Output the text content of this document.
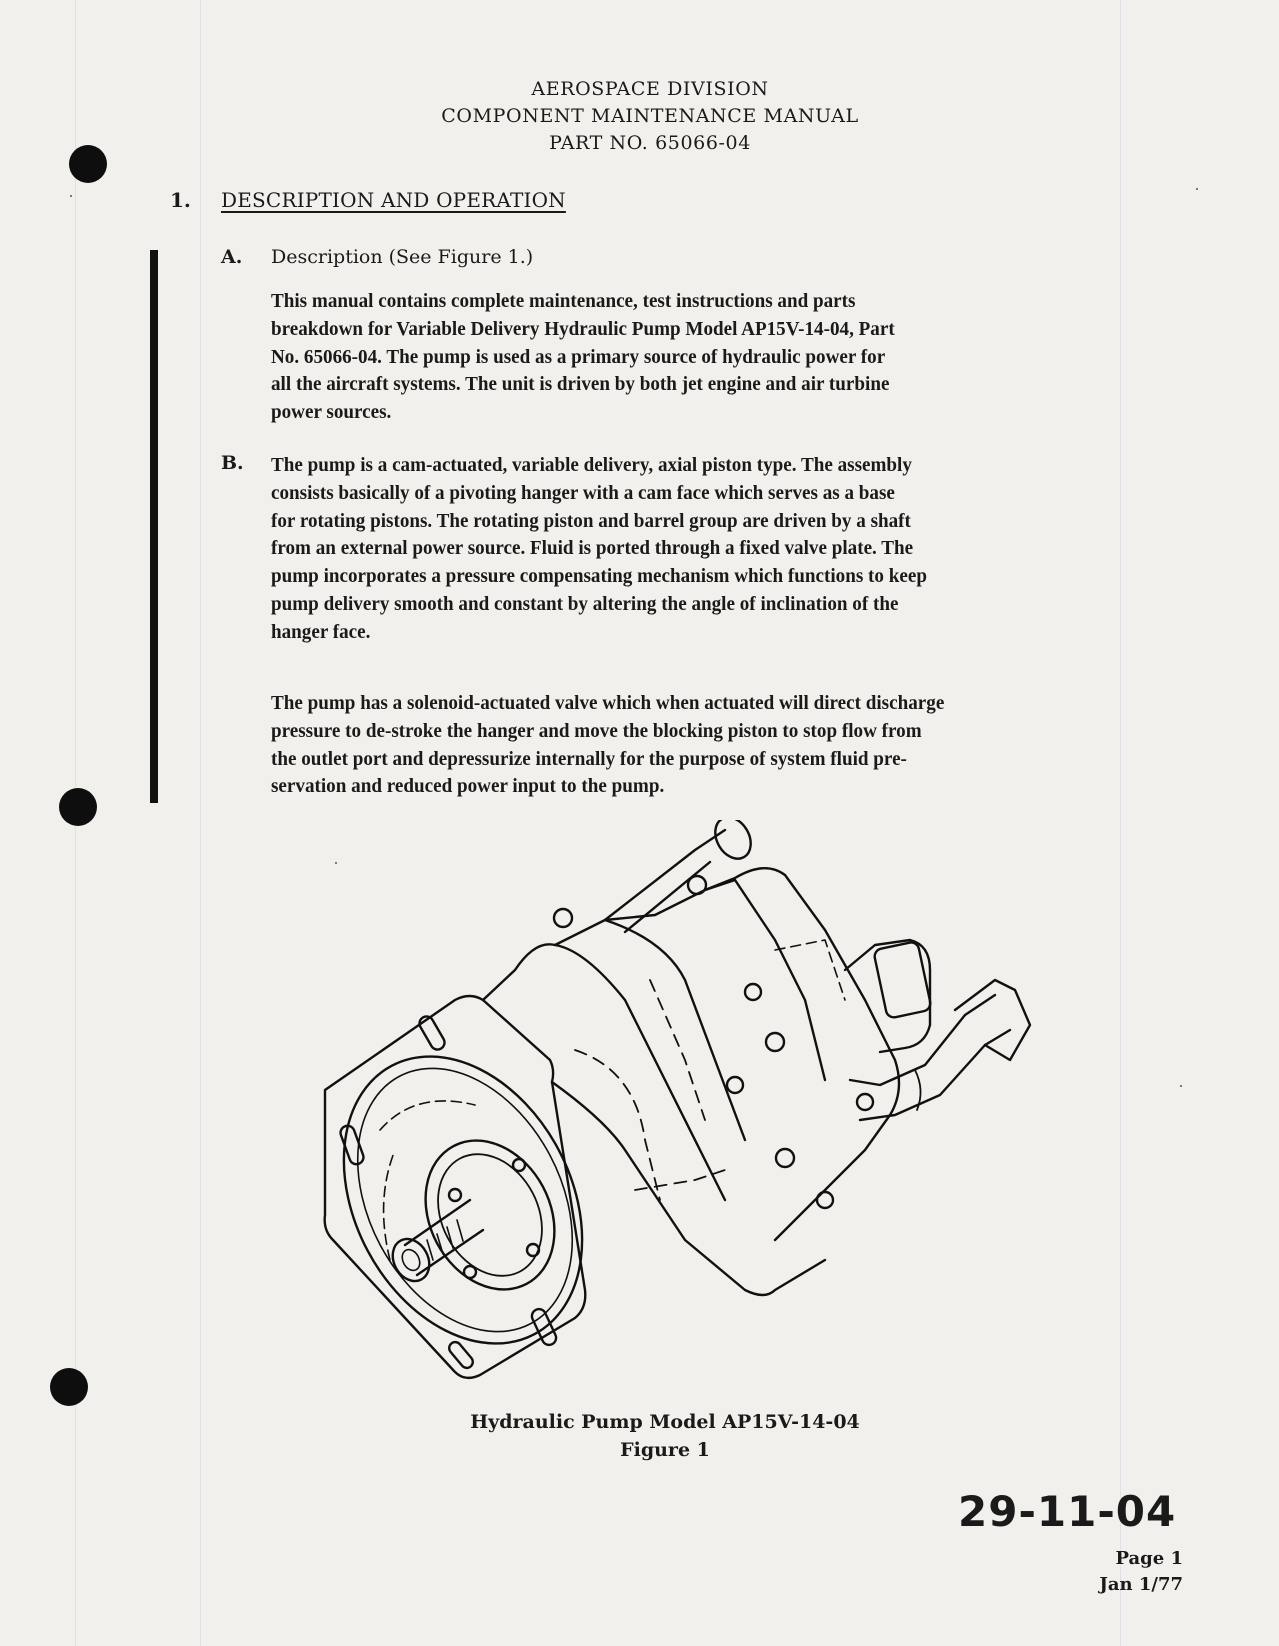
AEROSPACE DIVISION
COMPONENT MAINTENANCE MANUAL
PART NO. 65066-04
1. DESCRIPTION AND OPERATION
A. Description (See Figure 1.)
This manual contains complete maintenance, test instructions and parts
breakdown for Variable Delivery Hydraulic Pump Model AP15V-14-04, Part
No. 65066-04. The pump is used as a primary source of hydraulic power for
all the aircraft systems. The unit is driven by both jet engine and air turbine
power sources.
B. The pump is a cam-actuated, variable delivery, axial piston type. The assembly
consists basically of a pivoting hanger with a cam face which serves as a base
for rotating pistons. The rotating piston and barrel group are driven by a shaft
from an external power source. Fluid is ported through a fixed valve plate. The
pump incorporates a pressure compensating mechanism which functions to keep
pump delivery smooth and constant by altering the angle of inclination of the
hanger face.
The pump has a solenoid-actuated valve which when actuated will direct discharge
pressure to de-stroke the hanger and move the blocking piston to stop flow from
the outlet port and depressurize internally for the purpose of system fluid pre-
servation and reduced power input to the pump.
Hydraulic Pump Model AP15V-14-04
Figure 1
29-11-04
Page 1
Jan 1/77
